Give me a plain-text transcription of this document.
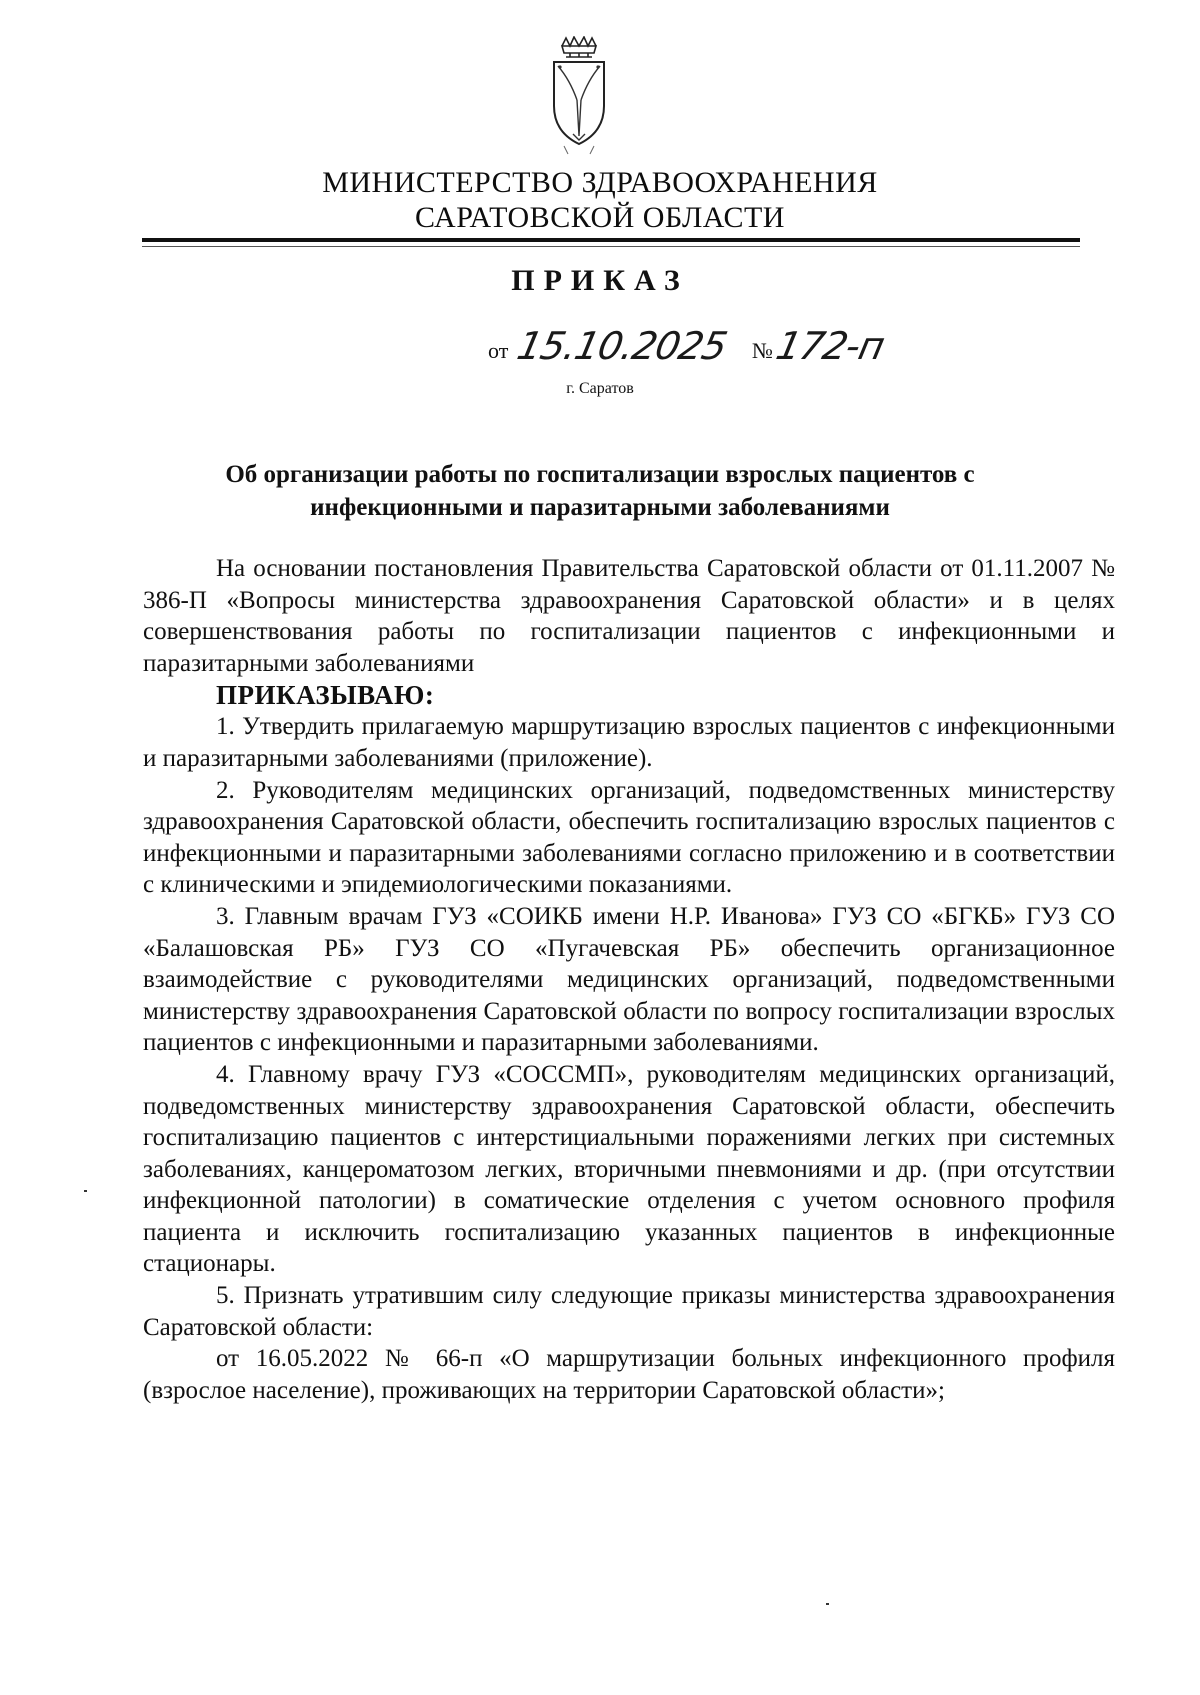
МИНИСТЕРСТВО ЗДРАВООХРАНЕНИЯ
САРАТОВСКОЙ ОБЛАСТИ
ПРИКАЗ
от 15.10.2025 № 172-п
г. Саратов
Об организации работы по госпитализации взрослых пациентов с инфекционными и паразитарными заболеваниями

На основании постановления Правительства Саратовской области от 01.11.2007 № 386-П «Вопросы министерства здравоохранения Саратовской области» и в целях совершенствования работы по госпитализации пациентов с инфекционными и паразитарными заболеваниями

ПРИКАЗЫВАЮ:

1. Утвердить прилагаемую маршрутизацию взрослых пациентов с инфекционными и паразитарными заболеваниями (приложение).

2. Руководителям медицинских организаций, подведомственных министерству здравоохранения Саратовской области, обеспечить госпитализацию взрослых пациентов с инфекционными и паразитарными заболеваниями согласно приложению и в соответствии с клиническими и эпидемиологическими показаниями.

3. Главным врачам ГУЗ «СОИКБ имени Н.Р. Иванова» ГУЗ СО «БГКБ» ГУЗ СО «Балашовская РБ» ГУЗ СО «Пугачевская РБ» обеспечить организационное взаимодействие с руководителями медицинских организаций, подведомственными министерству здравоохранения Саратовской области по вопросу госпитализации взрослых пациентов с инфекционными и паразитарными заболеваниями.

4. Главному врачу ГУЗ «СОССМП», руководителям медицинских организаций, подведомственных министерству здравоохранения Саратовской области, обеспечить госпитализацию пациентов с интерстициальными поражениями легких при системных заболеваниях, канцероматозом легких, вторичными пневмониями и др. (при отсутствии инфекционной патологии) в соматические отделения с учетом основного профиля пациента и исключить госпитализацию указанных пациентов в инфекционные стационары.

5. Признать утратившим силу следующие приказы министерства здравоохранения Саратовской области:

от 16.05.2022 № 66-п «О маршрутизации больных инфекционного профиля (взрослое население), проживающих на территории Саратовской области»;
